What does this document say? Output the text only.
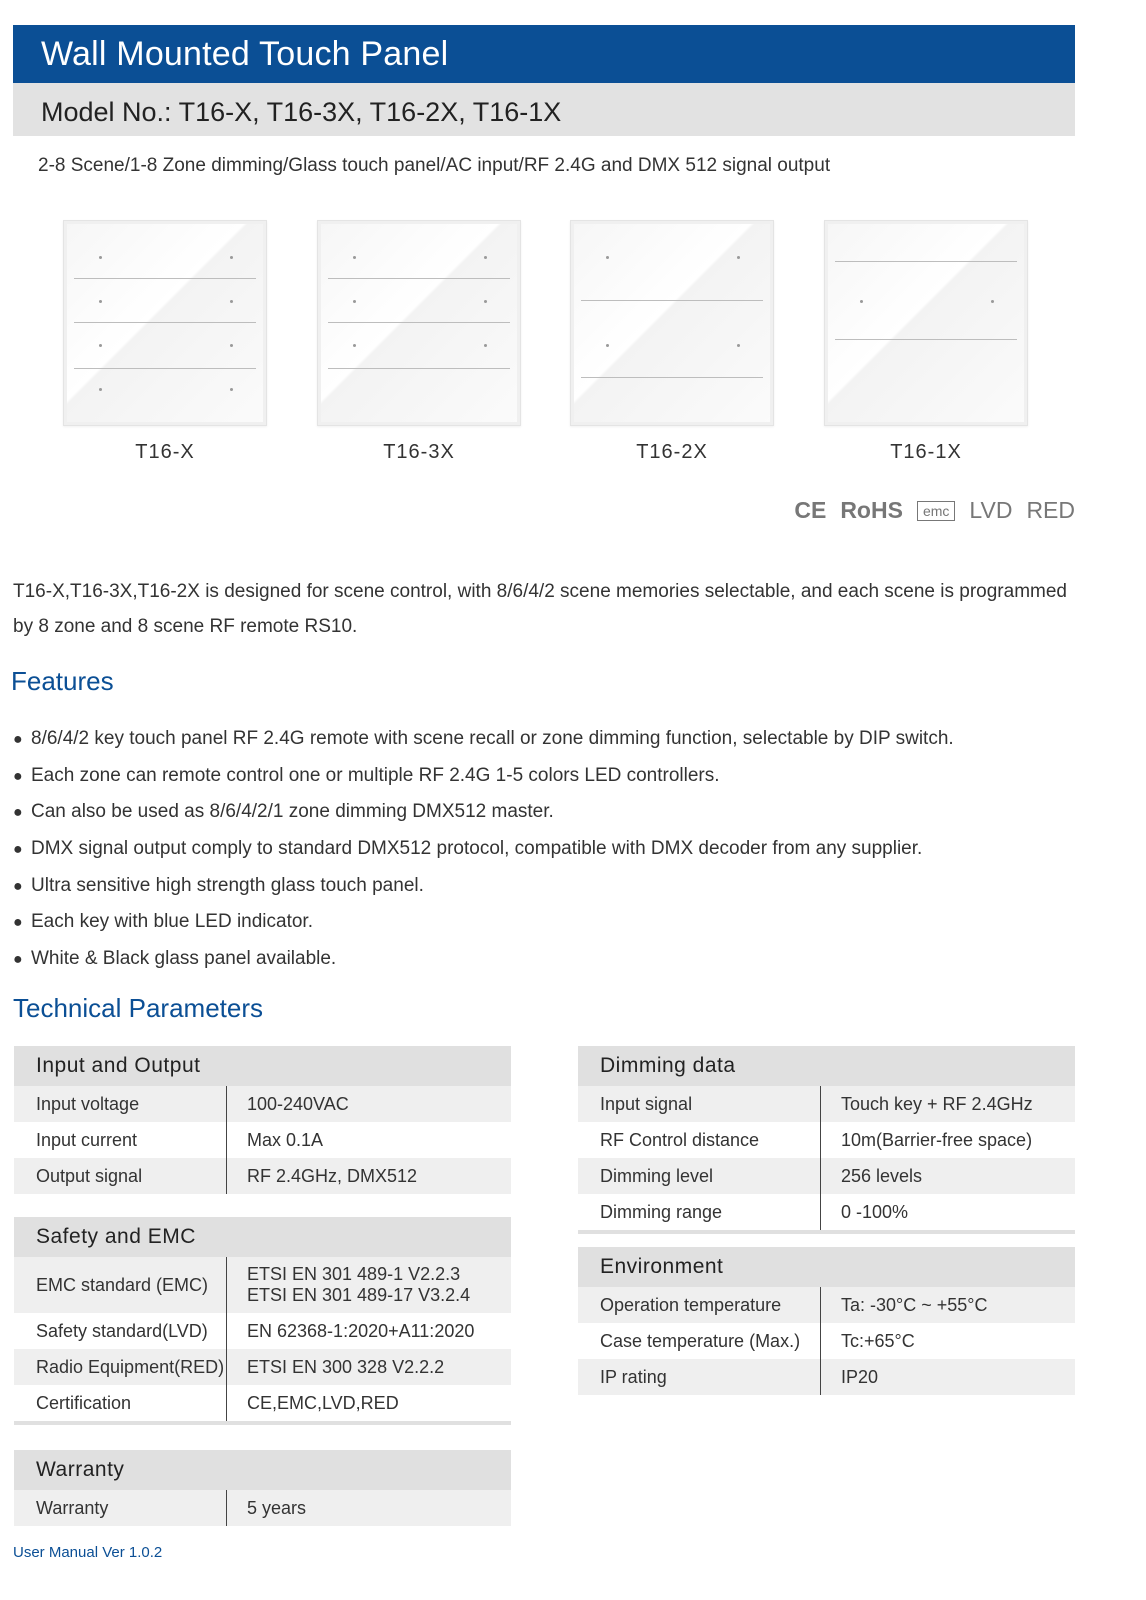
Wall Mounted Touch Panel
Model No.: T16-X, T16-3X, T16-2X, T16-1X
2-8 Scene/1-8 Zone dimming/Glass touch panel/AC input/RF 2.4G and DMX 512 signal output
T16-X	T16-3X	T16-2X	T16-1X
CE RoHS	emc LVD RED
T16-X,T16-3X,T16-2X is designed for scene control, with 8/6/4/2 scene memories selectable, and each scene is programmed by 8 zone and 8 scene RF remote RS10.
Features
● 8/6/4/2 key touch panel RF 2.4G remote with scene recall or zone dimming function, selectable by DIP switch.
● Each zone can remote control one or multiple RF 2.4G 1-5 colors LED controllers.
● Can also be used as 8/6/4/2/1 zone dimming DMX512 master.
● DMX signal output comply to standard DMX512 protocol, compatible with DMX decoder from any supplier.
● Ultra sensitive high strength glass touch panel.
● Each key with blue LED indicator.
● White & Black glass panel available.
Technical Parameters
Input and Output	
Input voltage	100-240VAC
Input current	Max 0.1A
Output signal	RF 2.4GHz, DMX512
Safety and EMC	
EMC standard (EMC)	ETSI EN 301 489-1 V2.2.3
ETSI EN 301 489-17 V3.2.4

Safety standard(LVD)	EN 62368-1:2020+A11:2020
Radio Equipment(RED)	ETSI EN 300 328 V2.2.2
Certification	CE,EMC,LVD,RED

Warranty
Warranty	5 years
Dimming data	
Input signal	Touch key + RF 2.4GHz
RF Control distance	10m(Barrier-free space)
Dimming level	256 levels
Dimming range	0 -100%

Environment	
Operation temperature	Ta: -30°C ~ +55°C
Case temperature (Max.)	Tc:+65°C
IP rating	IP20
User Manual Ver 1.0.2
